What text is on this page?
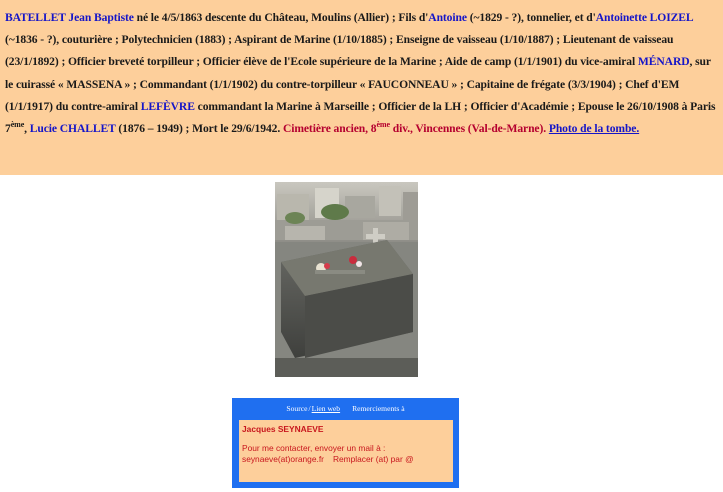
BATELLET Jean Baptiste né le 4/5/1863 descente du Château, Moulins (Allier) ; Fils d'Antoine (~1829 - ?), tonnelier, et d'Antoinette LOIZEL (~1836 - ?), couturière ; Polytechnicien (1883) ; Aspirant de Marine (1/10/1885) ; Enseigne de vaisseau (1/10/1887) ; Lieutenant de vaisseau (23/1/1892) ; Officier breveté torpilleur ; Officier élève de l'Ecole supérieure de la Marine ; Aide de camp (1/1/1901) du vice-amiral MÉNARD, sur le cuirassé « MASSENA » ; Commandant (1/1/1902) du contre-torpilleur « FAUCONNEAU » ; Capitaine de frégate (3/3/1904) ; Chef d'EM (1/1/1917) du contre-amiral LEFÈVRE commandant la Marine à Marseille ; Officier de la LH ; Officier d'Académie ; Epouse le 26/10/1908 à Paris 7ème, Lucie CHALLET (1876 – 1949) ; Mort le 29/6/1942. Cimetière ancien, 8ème div., Vincennes (Val-de-Marne). Photo de la tombe.
Source/Lien web Remerciements à
Jacques SEYNAEVE
Pour me contacter, envoyer un mail à :
seynaeve(at)orange.fr Remplacer (at) par @
